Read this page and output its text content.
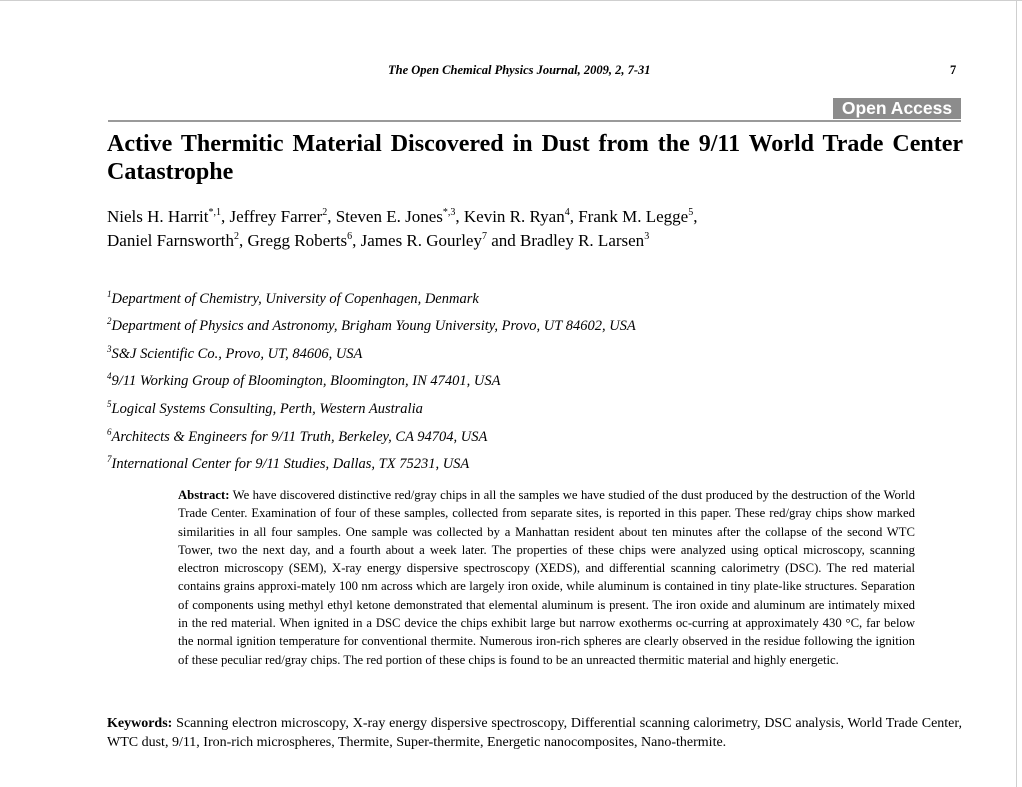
The Open Chemical Physics Journal, 2009, 2, 7-31	7
Open Access
Active Thermitic Material Discovered in Dust from the 9/11 World Trade Center Catastrophe
Niels H. Harrit$^{*,1}$, Jeffrey Farrer$^2$, Steven E. Jones$^{*,3}$, Kevin R. Ryan$^4$, Frank M. Legge$^5$,
Daniel Farnsworth$^2$, Gregg Roberts$^6$, James R. Gourley$^7$ and Bradley R. Larsen$^3$
$^1$Department of Chemistry, University of Copenhagen, Denmark
$^2$Department of Physics and Astronomy, Brigham Young University, Provo, UT 84602, USA
$^3$S&J Scientific Co., Provo, UT, 84606, USA
$^4$9/11 Working Group of Bloomington, Bloomington, IN 47401, USA
$^5$Logical Systems Consulting, Perth, Western Australia
$^6$Architects & Engineers for 9/11 Truth, Berkeley, CA 94704, USA
$^7$International Center for 9/11 Studies, Dallas, TX 75231, USA
Abstract: We have discovered distinctive red/gray chips in all the samples we have studied of the dust produced by the destruction of the World Trade Center. Examination of four of these samples, collected from separate sites, is reported in this paper. These red/gray chips show marked similarities in all four samples. One sample was collected by a Manhattan resident about ten minutes after the collapse of the second WTC Tower, two the next day, and a fourth about a week later. The properties of these chips were analyzed using optical microscopy, scanning electron microscopy (SEM), X-ray energy dispersive spectroscopy (XEDS), and differential scanning calorimetry (DSC). The red material contains grains approxi-mately 100 nm across which are largely iron oxide, while aluminum is contained in tiny plate-like structures. Separation of components using methyl ethyl ketone demonstrated that elemental aluminum is present. The iron oxide and aluminum are intimately mixed in the red material. When ignited in a DSC device the chips exhibit large but narrow exotherms oc-curring at approximately 430 °C, far below the normal ignition temperature for conventional thermite. Numerous iron-rich spheres are clearly observed in the residue following the ignition of these peculiar red/gray chips. The red portion of these chips is found to be an unreacted thermitic material and highly energetic.
Keywords: Scanning electron microscopy, X-ray energy dispersive spectroscopy, Differential scanning calorimetry, DSC analysis, World Trade Center, WTC dust, 9/11, Iron-rich microspheres, Thermite, Super-thermite, Energetic nanocomposites, Nano-thermite.
